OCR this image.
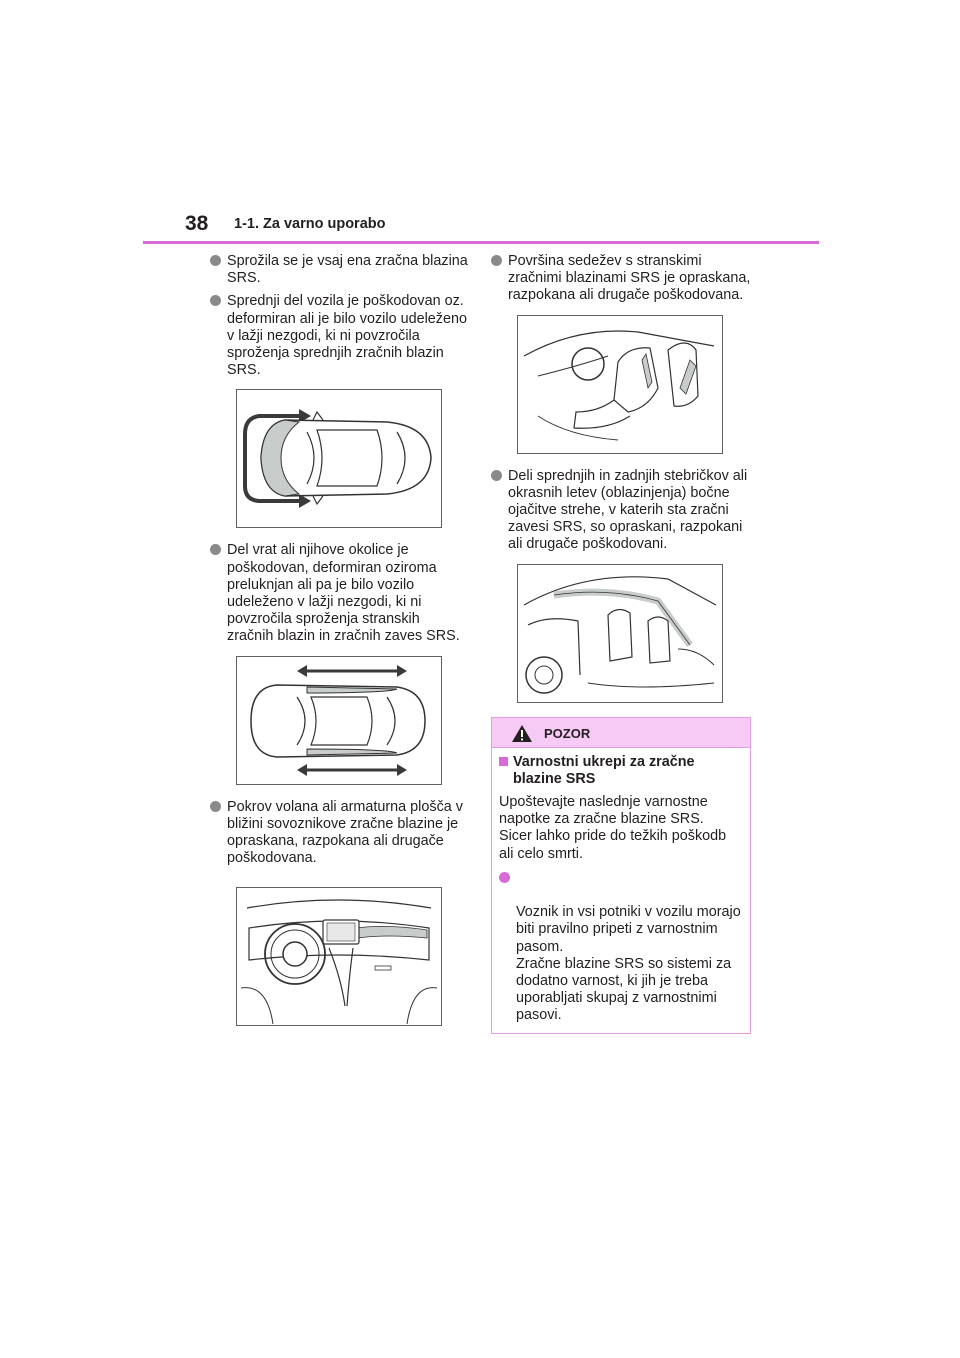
38 1-1. Za varno uporabo
Sprožila se je vsaj ena zračna blazina SRS.
Sprednji del vozila je poškodovan oz. deformiran ali je bilo vozilo udeleženo v lažji nezgodi, ki ni povzročila sproženja sprednjih zračnih blazin SRS.
Del vrat ali njihove okolice je poškodovan, deformiran oziroma preluknjan ali pa je bilo vozilo udeleženo v lažji nezgodi, ki ni povzročila sproženja stranskih zračnih blazin in zračnih zaves SRS.
Pokrov volana ali armaturna plošča v bližini sovoznikove zračne blazine je opraskana, razpokana ali drugače poškodovana.
Površina sedežev s stranskimi zračnimi blazinami SRS je opraskana, razpokana ali drugače poškodovana.
Deli sprednjih in zadnjih stebričkov ali okrasnih letev (oblazinjenja) bočne ojačitve strehe, v katerih sta zračni zavesi SRS, so opraskani, razpokani ali drugače poškodovani.
POZOR
Varnostni ukrepi za zračne blazine SRS

Upoštevajte naslednje varnostne napotke za zračne blazine SRS.
Sicer lahko pride do težkih poškodb ali celo smrti.

Voznik in vsi potniki v vozilu morajo biti pravilno pripeti z varnostnim pasom.
Zračne blazine SRS so sistemi za dodatno varnost, ki jih je treba uporabljati skupaj z varnostnimi pasovi.
